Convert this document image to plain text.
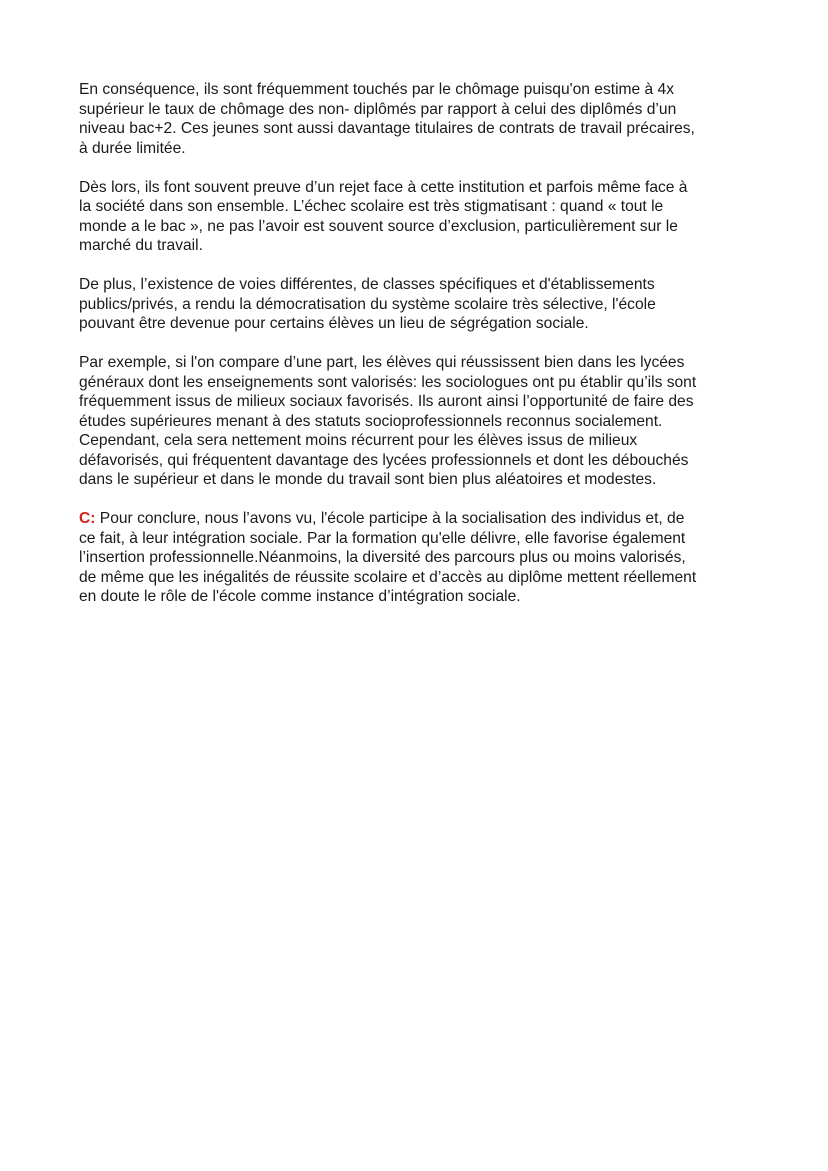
En conséquence, ils sont fréquemment touchés par le chômage puisqu'on estime à 4x
supérieur le taux de chômage des non- diplômés par rapport à celui des diplômés d’un
niveau bac+2. Ces jeunes sont aussi davantage titulaires de contrats de travail précaires,
à durée limitée.

Dès lors, ils font souvent preuve d’un rejet face à cette institution et parfois même face à
la société dans son ensemble. L’échec scolaire est très stigmatisant : quand « tout le
monde a le bac », ne pas l’avoir est souvent source d’exclusion, particulièrement sur le
marché du travail.

De plus, l’existence de voies différentes, de classes spécifiques et d'établissements
publics/privés, a rendu la démocratisation du système scolaire très sélective, l'école
pouvant être devenue pour certains élèves un lieu de ségrégation sociale.

Par exemple, si l'on compare d’une part, les élèves qui réussissent bien dans les lycées
généraux dont les enseignements sont valorisés: les sociologues ont pu établir qu’ils sont
fréquemment issus de milieux sociaux favorisés. Ils auront ainsi l’opportunité de faire des
études supérieures menant à des statuts socioprofessionnels reconnus socialement.
Cependant, cela sera nettement moins récurrent pour les élèves issus de milieux
défavorisés, qui fréquentent davantage des lycées professionnels et dont les débouchés
dans le supérieur et dans le monde du travail sont bien plus aléatoires et modestes.

C: Pour conclure, nous l’avons vu, l'école participe à la socialisation des individus et, de
ce fait, à leur intégration sociale. Par la formation qu'elle délivre, elle favorise également
l’insertion professionnelle.Néanmoins, la diversité des parcours plus ou moins valorisés,
de même que les inégalités de réussite scolaire et d’accès au diplôme mettent réellement
en doute le rôle de l'école comme instance d’intégration sociale.
